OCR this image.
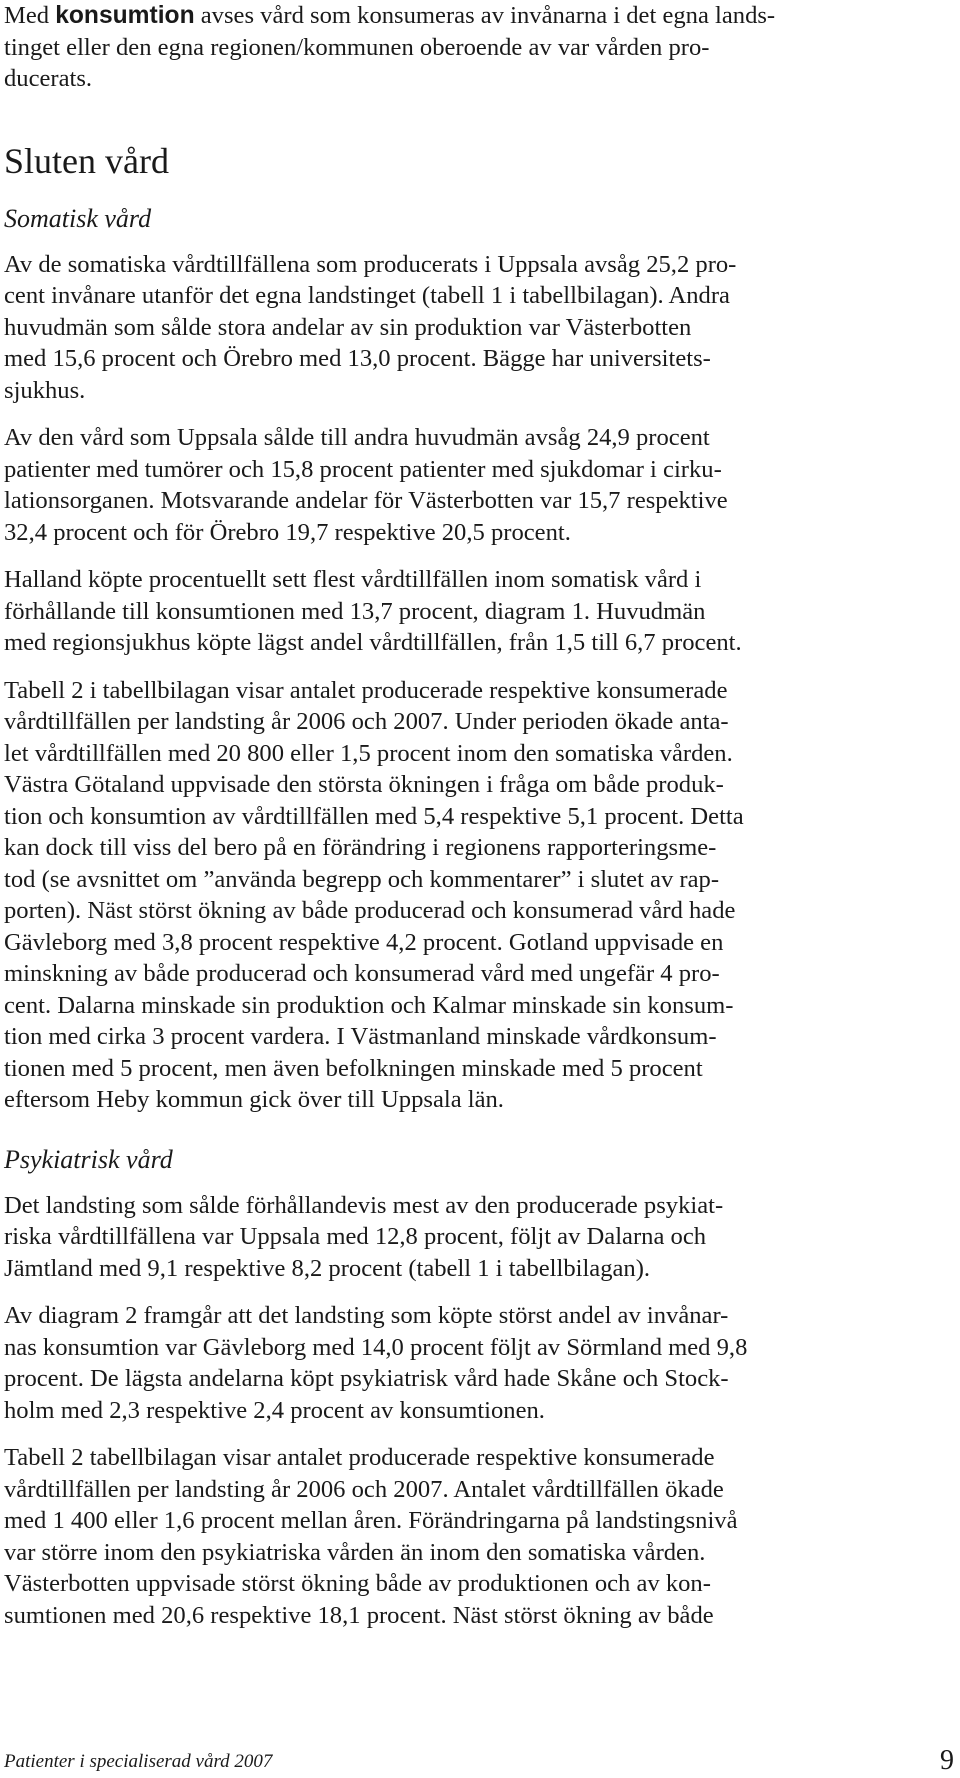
Med konsumtion avses vård som konsumeras av invånarna i det egna lands-
tinget eller den egna regionen/kommunen oberoende av var vården pro-
ducerats.

Sluten vård
Somatisk vård

Av de somatiska vårdtillfällena som producerats i Uppsala avsåg 25,2 pro-
cent invånare utanför det egna landstinget (tabell 1 i tabellbilagan). Andra
huvudmän som sålde stora andelar av sin produktion var Västerbotten
med 15,6 procent och Örebro med 13,0 procent. Bägge har universitets-
sjukhus.

Av den vård som Uppsala sålde till andra huvudmän avsåg 24,9 procent
patienter med tumörer och 15,8 procent patienter med sjukdomar i cirku-
lationsorganen. Motsvarande andelar för Västerbotten var 15,7 respektive
32,4 procent och för Örebro 19,7 respektive 20,5 procent.

Halland köpte procentuellt sett flest vårdtillfällen inom somatisk vård i
förhållande till konsumtionen med 13,7 procent, diagram 1. Huvudmän
med regionsjukhus köpte lägst andel vårdtillfällen, från 1,5 till 6,7 procent.

Tabell 2 i tabellbilagan visar antalet producerade respektive konsumerade
vårdtillfällen per landsting år 2006 och 2007. Under perioden ökade anta-
let vårdtillfällen med 20 800 eller 1,5 procent inom den somatiska vården.
Västra Götaland uppvisade den största ökningen i fråga om både produk-
tion och konsumtion av vårdtillfällen med 5,4 respektive 5,1 procent. Detta
kan dock till viss del bero på en förändring i regionens rapporteringsme-
tod (se avsnittet om ”använda begrepp och kommentarer” i slutet av rap-
porten). Näst störst ökning av både producerad och konsumerad vård hade
Gävleborg med 3,8 procent respektive 4,2 procent. Gotland uppvisade en
minskning av både producerad och konsumerad vård med ungefär 4 pro-
cent. Dalarna minskade sin produktion och Kalmar minskade sin konsum-
tion med cirka 3 procent vardera. I Västmanland minskade vårdkonsum-
tionen med 5 procent, men även befolkningen minskade med 5 procent
eftersom Heby kommun gick över till Uppsala län.

Psykiatrisk vård

Det landsting som sålde förhållandevis mest av den producerade psykiat-
riska vårdtillfällena var Uppsala med 12,8 procent, följt av Dalarna och
Jämtland med 9,1 respektive 8,2 procent (tabell 1 i tabellbilagan).

Av diagram 2 framgår att det landsting som köpte störst andel av invånar-
nas konsumtion var Gävleborg med 14,0 procent följt av Sörmland med 9,8
procent. De lägsta andelarna köpt psykiatrisk vård hade Skåne och Stock-
holm med 2,3 respektive 2,4 procent av konsumtionen.

Tabell 2 tabellbilagan visar antalet producerade respektive konsumerade
vårdtillfällen per landsting år 2006 och 2007. Antalet vårdtillfällen ökade
med 1 400 eller 1,6 procent mellan åren. Förändringarna på landstingsnivå
var större inom den psykiatriska vården än inom den somatiska vården.
Västerbotten uppvisade störst ökning både av produktionen och av kon-
sumtionen med 20,6 respektive 18,1 procent. Näst störst ökning av både

Patienter i specialiserad vård 2007	9
